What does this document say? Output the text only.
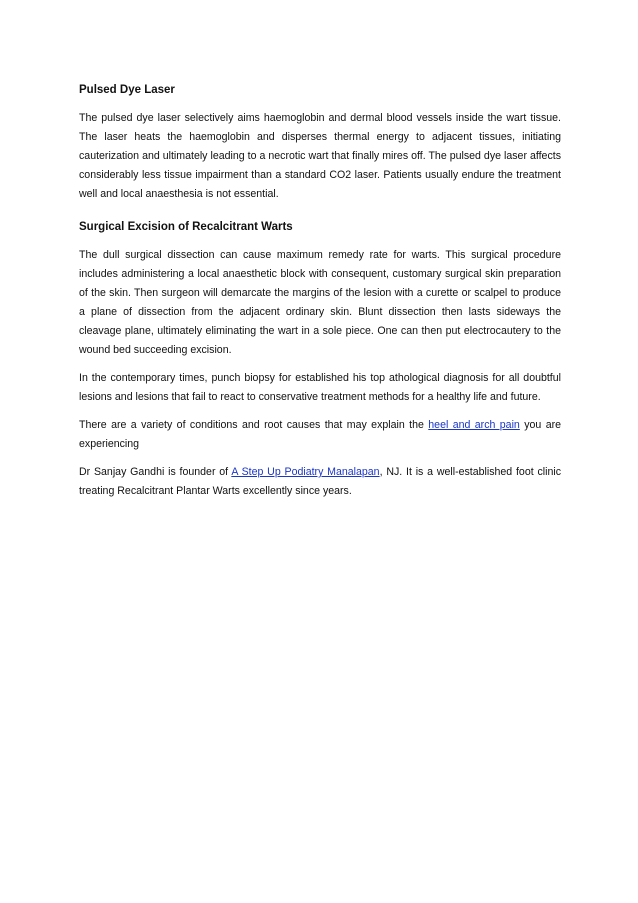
Pulsed Dye Laser

The pulsed dye laser selectively aims haemoglobin and dermal blood vessels inside the wart tissue. The laser heats the haemoglobin and disperses thermal energy to adjacent tissues, initiating cauterization and ultimately leading to a necrotic wart that finally mires off. The pulsed dye laser affects considerably less tissue impairment than a standard CO2 laser. Patients usually endure the treatment well and local anaesthesia is not essential.

Surgical Excision of Recalcitrant Warts

The dull surgical dissection can cause maximum remedy rate for warts. This surgical procedure includes administering a local anaesthetic block with consequent, customary surgical skin preparation of the skin. Then surgeon will demarcate the margins of the lesion with a curette or scalpel to produce a plane of dissection from the adjacent ordinary skin. Blunt dissection then lasts sideways the cleavage plane, ultimately eliminating the wart in a sole piece. One can then put electrocautery to the wound bed succeeding excision.

In the contemporary times, punch biopsy for established his top athological diagnosis for all doubtful lesions and lesions that fail to react to conservative treatment methods for a healthy life and future.

There are a variety of conditions and root causes that may explain the heel and arch pain you are experiencing

Dr Sanjay Gandhi is founder of A Step Up Podiatry Manalapan, NJ. It is a well-established foot clinic treating Recalcitrant Plantar Warts excellently since years.
